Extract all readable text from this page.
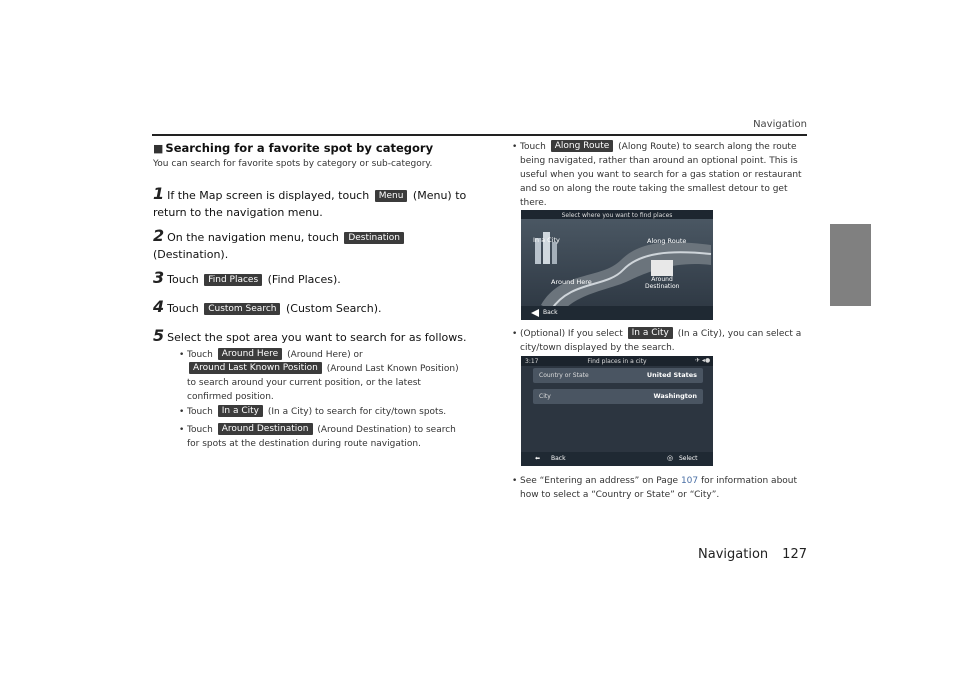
Navigation
■ Searching for a favorite spot by category
You can search for favorite spots by category or sub-category.
1 If the Map screen is displayed, touch Menu (Menu) to return to the navigation menu.
2 On the navigation menu, touch Destination (Destination).
3 Touch Find Places (Find Places).
4 Touch Custom Search (Custom Search).
5 Select the spot area you want to search for as follows.
• Touch Around Here (Around Here) or
Around Last Known Position (Around Last Known Position) to search around your current position, or the latest confirmed position.
• Touch In a City (In a City) to search for city/town spots.
• Touch Around Destination (Around Destination) to search for spots at the destination during route navigation.
• Touch Along Route (Along Route) to search along the route being navigated, rather than around an optional point. This is useful when you want to search for a gas station or restaurant and so on along the route taking the smallest detour to get there.
Select where you want to find places
In a City	Along Route
Around Here	Around Destination
Back
• (Optional) If you select In a City (In a City), you can select a city/town displayed by the search.
3:17	Find places in a city	✈ ◂●
Country or State	United States
City	Washington
⬅ Back	◎ Select
• See “Entering an address” on Page 107 for information about how to select a “Country or State” or “City”.
Navigation 127
